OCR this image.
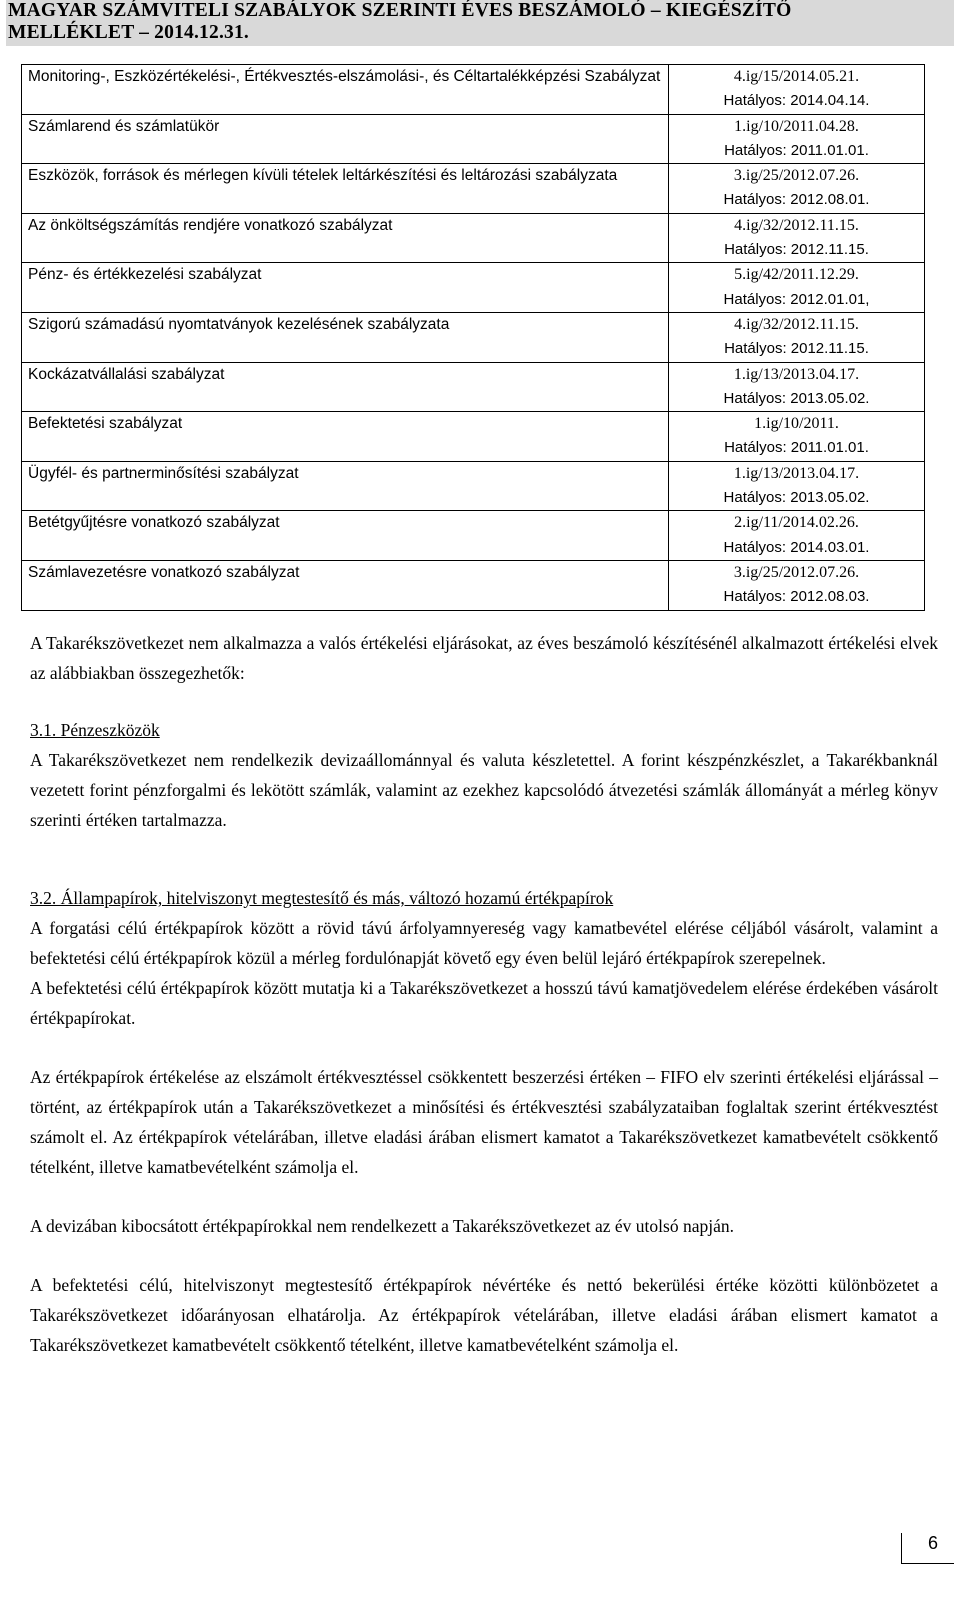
MAGYAR SZÁMVITELI SZABÁLYOK SZERINTI ÉVES BESZÁMOLÓ – KIEGÉSZÍTŐ
MELLÉKLET – 2014.12.31.
Monitoring-, Eszközértékelési-, Értékvesztés-elszámolási-, és Céltartalékképzési Szabályzat	4.ig/15/2014.05.21.
Hatályos: 2014.04.14.

Számlarend és számlatükör	1.ig/10/2011.04.28.
Hatályos: 2011.01.01.

Eszközök, források és mérlegen kívüli tételek leltárkészítési és leltározási szabályzata	3.ig/25/2012.07.26.
Hatályos: 2012.08.01.

Az önköltségszámítás rendjére vonatkozó szabályzat	4.ig/32/2012.11.15.
Hatályos: 2012.11.15.

Pénz- és értékkezelési szabályzat	5.ig/42/2011.12.29.
Hatályos: 2012.01.01,

Szigorú számadású nyomtatványok kezelésének szabályzata	4.ig/32/2012.11.15.
Hatályos: 2012.11.15.

Kockázatvállalási szabályzat	1.ig/13/2013.04.17.
Hatályos: 2013.05.02.

Befektetési szabályzat	1.ig/10/2011.
Hatályos: 2011.01.01.

Ügyfél- és partnerminősítési szabályzat	1.ig/13/2013.04.17.
Hatályos: 2013.05.02.

Betétgyűjtésre vonatkozó szabályzat	2.ig/11/2014.02.26.
Hatályos: 2014.03.01.

Számlavezetésre vonatkozó szabályzat	3.ig/25/2012.07.26.
Hatályos: 2012.08.03.

A Takarékszövetkezet nem alkalmazza a valós értékelési eljárásokat, az éves beszámoló készítésénél alkalmazott értékelési elvek az alábbiakban összegezhetők:

3.1. Pénzeszközök

A Takarékszövetkezet nem rendelkezik devizaállománnyal és valuta készletettel. A forint készpénzkészlet, a Takarékbanknál vezetett forint pénzforgalmi és lekötött számlák, valamint az ezekhez kapcsolódó átvezetési számlák állományát a mérleg könyv szerinti értéken tartalmazza.

3.2. Állampapírok, hitelviszonyt megtestesítő és más, változó hozamú értékpapírok

A forgatási célú értékpapírok között a rövid távú árfolyamnyereség vagy kamatbevétel elérése céljából vásárolt, valamint a befektetési célú értékpapírok közül a mérleg fordulónapját követő egy éven belül lejáró értékpapírok szerepelnek.

A befektetési célú értékpapírok között mutatja ki a Takarékszövetkezet a hosszú távú kamatjövedelem elérése érdekében vásárolt értékpapírokat.

Az értékpapírok értékelése az elszámolt értékvesztéssel csökkentett beszerzési értéken – FIFO elv szerinti értékelési eljárással – történt, az értékpapírok után a Takarékszövetkezet a minősítési és értékvesztési szabályzataiban foglaltak szerint értékvesztést számolt el. Az értékpapírok vételárában, illetve eladási árában elismert kamatot a Takarékszövetkezet kamatbevételt csökkentő tételként, illetve kamatbevételként számolja el.

A devizában kibocsátott értékpapírokkal nem rendelkezett a Takarékszövetkezet az év utolsó napján.

A befektetési célú, hitelviszonyt megtestesítő értékpapírok névértéke és nettó bekerülési értéke közötti különbözetet a Takarékszövetkezet időarányosan elhatárolja. Az értékpapírok vételárában, illetve eladási árában elismert kamatot a Takarékszövetkezet kamatbevételt csökkentő tételként, illetve kamatbevételként számolja el.

6
